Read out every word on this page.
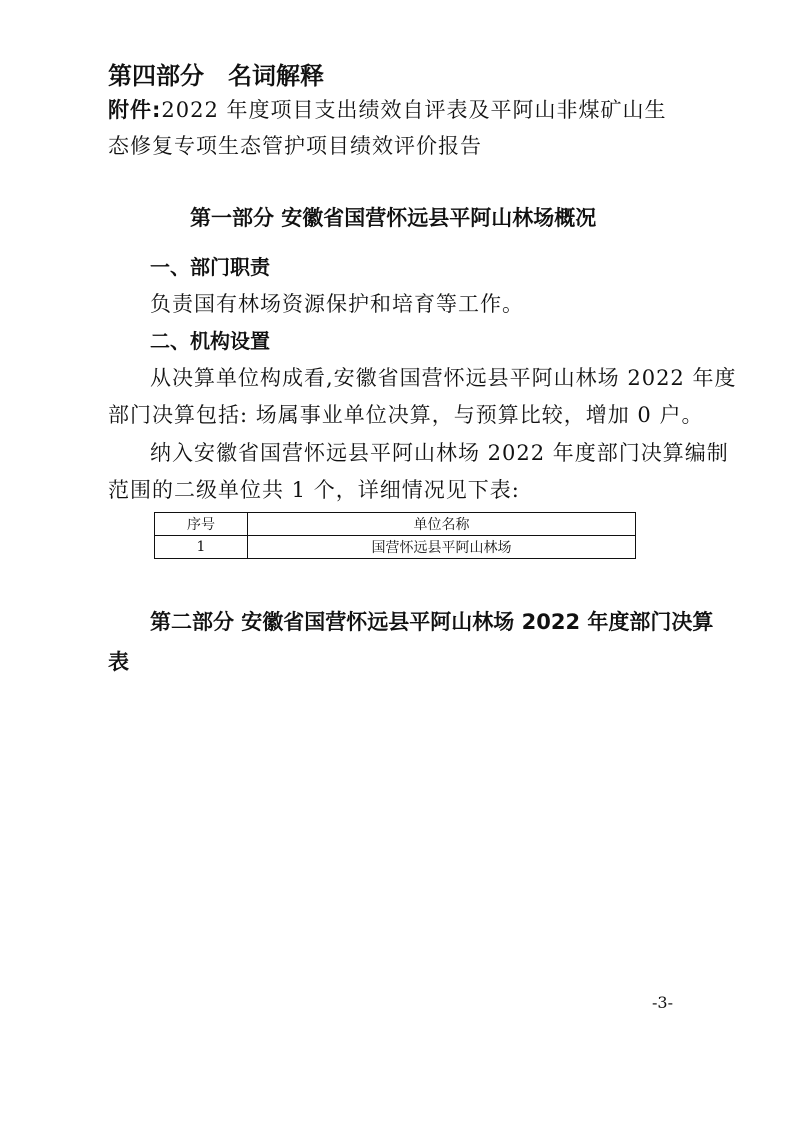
第四部分　名词解释
附件:2022 年度项目支出绩效自评表及平阿山非煤矿山生
态修复专项生态管护项目绩效评价报告
第一部分 安徽省国营怀远县平阿山林场概况
一、部门职责
负责国有林场资源保护和培育等工作。
二、机构设置
从决算单位构成看,安徽省国营怀远县平阿山林场 2022 年度
部门决算包括: 场属事业单位决算，与预算比较，增加 0 户。
纳入安徽省国营怀远县平阿山林场 2022 年度部门决算编制
范围的二级单位共 1 个，详细情况见下表:
序号	单位名称
1	国营怀远县平阿山林场
第二部分 安徽省国营怀远县平阿山林场 2022 年度部门决算
表
-3-
